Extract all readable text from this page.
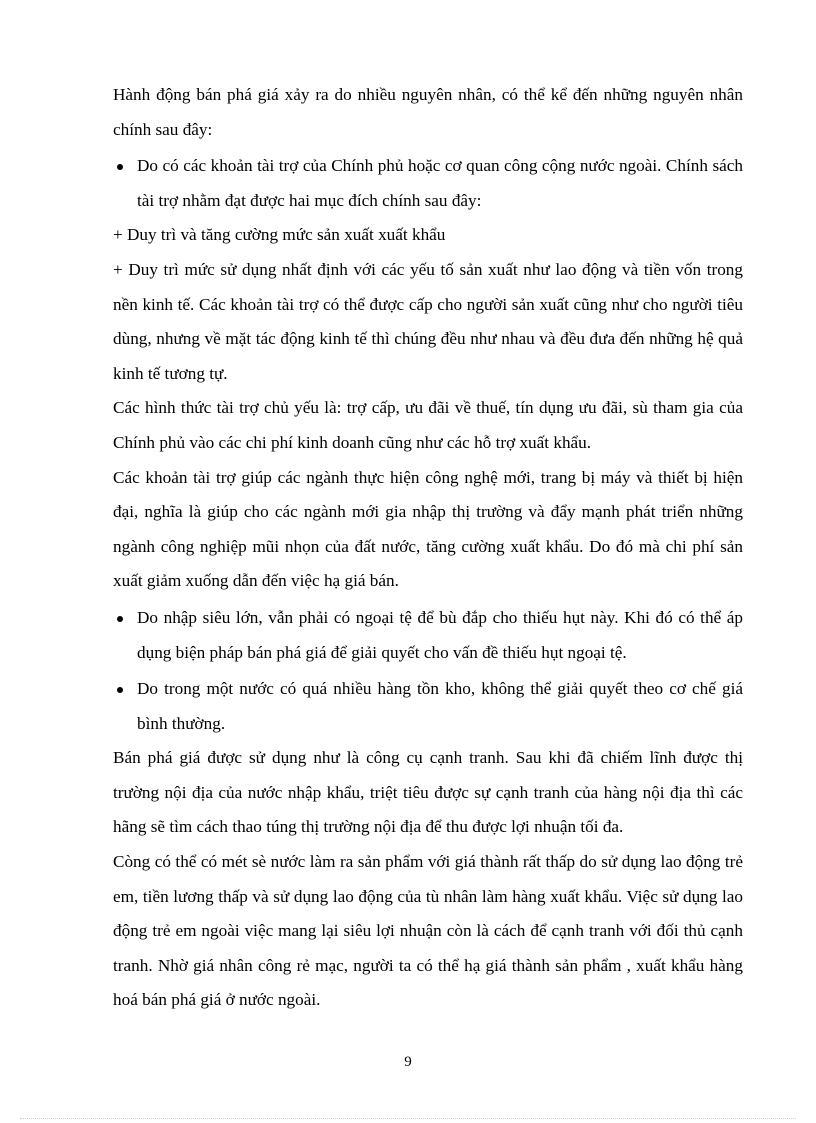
Hành động bán phá giá xảy ra do nhiều nguyên nhân, có thể kể đến những nguyên nhân chính sau đây:

Do có các khoản tài trợ của Chính phủ hoặc cơ quan công cộng nước ngoài. Chính sách tài trợ nhằm đạt được hai mục đích chính sau đây:

+ Duy trì và tăng cường mức sản xuất xuất khẩu

+ Duy trì mức sử dụng nhất định với các yếu tố sản xuất như lao động và tiền vốn trong nền kinh tế. Các khoản tài trợ có thể được cấp cho người sản xuất cũng như cho người tiêu dùng, nhưng về mặt tác động kinh tế thì chúng đều như nhau và đều đưa đến những hệ quả kinh tế tương tự.

Các hình thức tài trợ chủ yếu là: trợ cấp, ưu đãi về thuế, tín dụng ưu đãi, sù tham gia của Chính phủ vào các chi phí kinh doanh cũng như các hỗ trợ xuất khẩu.

Các khoản tài trợ giúp các ngành thực hiện công nghệ mới, trang bị máy và thiết bị hiện đại, nghĩa là giúp cho các ngành mới gia nhập thị trường và đẩy mạnh phát triển những ngành công nghiệp mũi nhọn của đất nước, tăng cường xuất khẩu. Do đó mà chi phí sản xuất giảm xuống dẫn đến việc hạ giá bán.

Do nhập siêu lớn, vẫn phải có ngoại tệ để bù đắp cho thiếu hụt này. Khi đó có thể áp dụng biện pháp bán phá giá để giải quyết cho vấn đề thiếu hụt ngoại tệ.
Do trong một nước có quá nhiều hàng tồn kho, không thể giải quyết theo cơ chế giá bình thường.

Bán phá giá được sử dụng như là công cụ cạnh tranh. Sau khi đã chiếm lĩnh được thị trường nội địa của nước nhập khẩu, triệt tiêu được sự cạnh tranh của hàng nội địa thì các hãng sẽ tìm cách thao túng thị trường nội địa để thu được lợi nhuận tối đa.

Còng có thể có mét sè nước làm ra sản phẩm với giá thành rất thấp do sử dụng lao động trẻ em, tiền lương thấp và sử dụng lao động của tù nhân làm hàng xuất khẩu. Việc sử dụng lao động trẻ em ngoài việc mang lại siêu lợi nhuận còn là cách để cạnh tranh với đối thủ cạnh tranh. Nhờ giá nhân công rẻ mạc, người ta có thể hạ giá thành sản phẩm , xuất khẩu hàng hoá bán phá giá ở nước ngoài.

9
